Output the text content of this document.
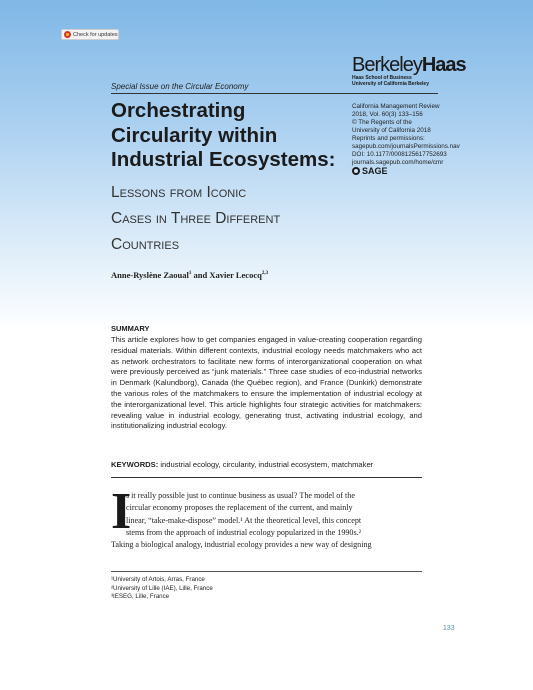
Check for updates
BerkeleyHaas
Haas School of Business
University of California Berkeley
Special Issue on the Circular Economy
Orchestrating
Circularity within
Industrial Ecosystems:
Lessons from Iconic
Cases in Three Different
Countries
California Management Review
2018, Vol. 60(3) 133–156
© The Regents of the
University of California 2018
Reprints and permissions:
sagepub.com/journalsPermissions.nav
DOI: 10.1177/0008125617752693
journals.sagepub.com/home/cmr
SAGE
Anne-Ryslène Zaoual$^1$ and Xavier Lecocq$^{2,3}$
SUMMARY
This article explores how to get companies engaged in value-creating cooperation regarding residual materials. Within different contexts, industrial ecology needs matchmakers who act as network orchestrators to facilitate new forms of interorganizational cooperation on what were previously perceived as “junk materials.” Three case studies of eco-industrial networks in Denmark (Kalundborg), Canada (the Québec region), and France (Dunkirk) demonstrate the various roles of the matchmakers to ensure the implementation of industrial ecology at the interorganizational level. This article highlights four strategic activities for matchmakers: revealing value in industrial ecology, generating trust, activating industrial ecology, and institutionalizing industrial ecology.
KEYWORDS: industrial ecology, circularity, industrial ecosystem, matchmaker
I
s it really possible just to continue business as usual? The model of the
circular economy proposes the replacement of the current, and mainly
linear, “take-make-dispose” model.¹ At the theoretical level, this concept
stems from the approach of industrial ecology popularized in the 1990s.²
Taking a biological analogy, industrial ecology provides a new way of designing
¹University of Artois, Arras, France
²University of Lille (IAE), Lille, France
³IESEG, Lille, France
133
